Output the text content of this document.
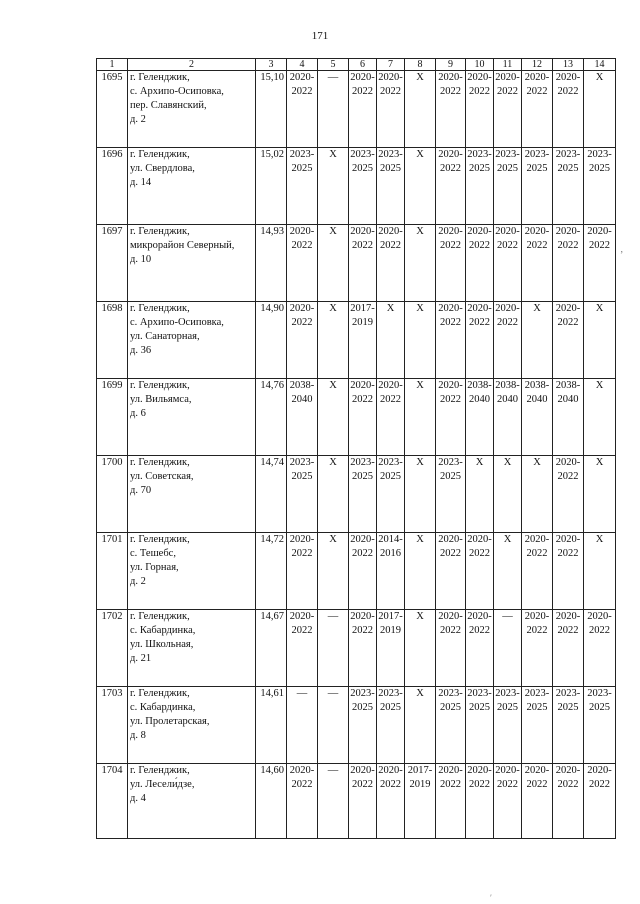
171
1	2	3	4	5	6	7	8	9	10	11	12	13	14
1695	г. Геленджик,
с. Архипо-Осиповка,
пер. Славянский,
д. 2	15,10	2020-
2022	—	2020-
2022	2020-
2022	Х	2020-
2022	2020-
2022	2020-
2022	2020-
2022	2020-
2022	Х
1696	г. Геленджик,
ул. Свердлова,
д. 14	15,02	2023-
2025	Х	2023-
2025	2023-
2025	Х	2020-
2022	2023-
2025	2023-
2025	2023-
2025	2023-
2025	2023-
2025
1697	г. Геленджик,
микрорайон Северный,
д. 10	14,93	2020-
2022	Х	2020-
2022	2020-
2022	Х	2020-
2022	2020-
2022	2020-
2022	2020-
2022	2020-
2022	2020-
2022
1698	г. Геленджик,
с. Архипо-Осиповка,
ул. Санаторная,
д. 36	14,90	2020-
2022	Х	2017-
2019	Х	Х	2020-
2022	2020-
2022	2020-
2022	Х	2020-
2022	Х
1699	г. Геленджик,
ул. Вильямса,
д. 6	14,76	2038-
2040	Х	2020-
2022	2020-
2022	Х	2020-
2022	2038-
2040	2038-
2040	2038-
2040	2038-
2040	Х
1700	г. Геленджик,
ул. Советская,
д. 70	14,74	2023-
2025	Х	2023-
2025	2023-
2025	Х	2023-
2025	Х	Х	Х	2020-
2022	Х
1701	г. Геленджик,
с. Тешебс,
ул. Горная,
д. 2	14,72	2020-
2022	Х	2020-
2022	2014-
2016	Х	2020-
2022	2020-
2022	Х	2020-
2022	2020-
2022	Х
1702	г. Геленджик,
с. Кабардинка,
ул. Школьная,
д. 21	14,67	2020-
2022	—	2020-
2022	2017-
2019	Х	2020-
2022	2020-
2022	—	2020-
2022	2020-
2022	2020-
2022
1703	г. Геленджик,
с. Кабардинка,
ул. Пролетарская,
д. 8	14,61	—	—	2023-
2025	2023-
2025	Х	2023-
2025	2023-
2025	2023-
2025	2023-
2025	2023-
2025	2023-
2025
1704	г. Геленджик,
ул. Лесели́дзе,
д. 4	14,60	2020-
2022	—	2020-
2022	2020-
2022	2017-
2019	2020-
2022	2020-
2022	2020-
2022	2020-
2022	2020-
2022	2020-
2022
’
′
